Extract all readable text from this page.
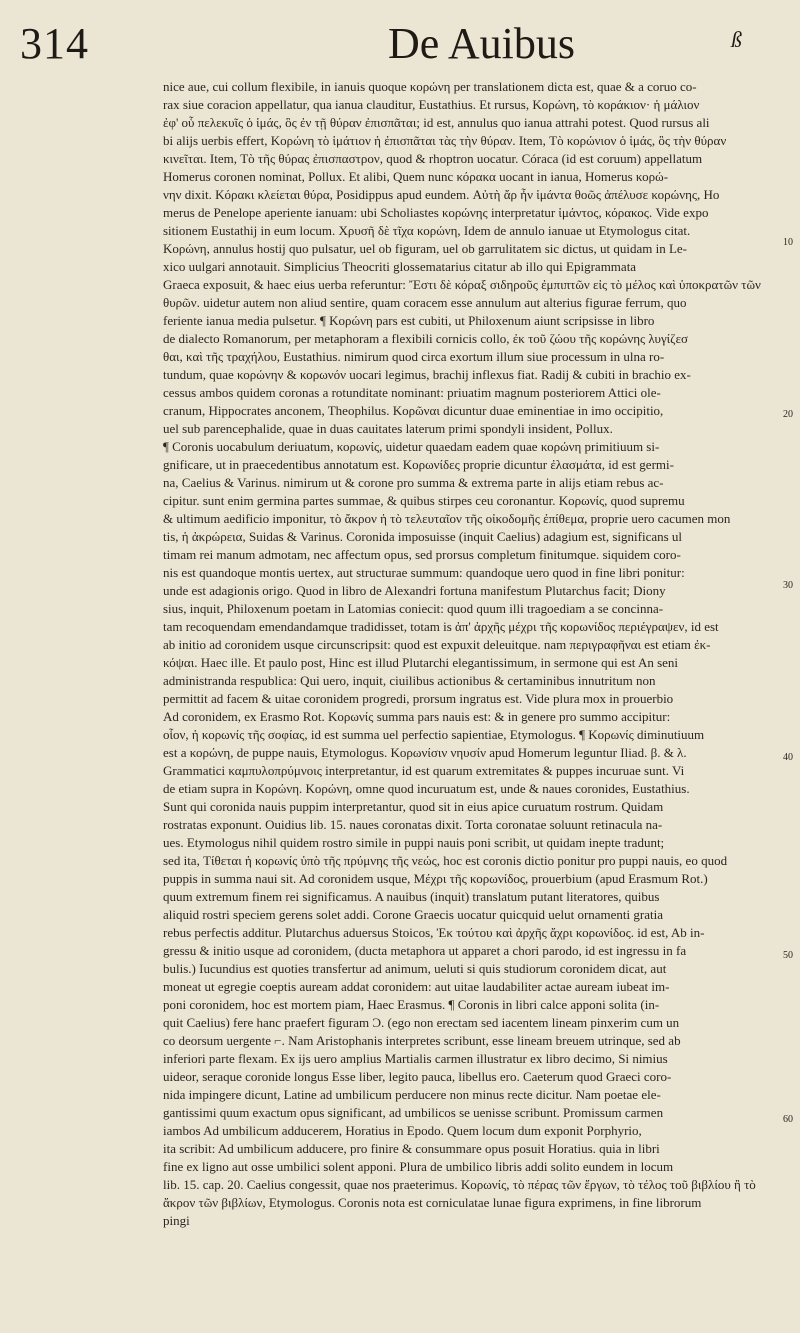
314	De Auibus	ß
10
20
30
40
50
60
nice aue, cui collum flexibile, in ianuis quoque κορώνη per translationem dicta est, quae & a coruo co-
rax siue coracion appellatur, qua ianua clauditur, Eustathius. Et rursus, Κορώνη, τὸ κοράκιον· ἡ μάλιον
ἐφ' οὗ πελεκυῖς ὁ ἱμάς, ὃς ἐν τῇ θύραν ἐπισπᾶται; id est, annulus quo ianua attrahi potest. Quod rursus ali
bi alijs uerbis effert, Κορώνη τὸ ἱμάτιον ἡ ἐπισπᾶται τὰς τὴν θύραν. Item, Τὸ κορώνιον ὁ ἱμάς, ὃς τὴν θύραν
κινεῖται. Item, Τὸ τῆς θύρας ἐπισπαστρον, quod & rhoptron uocatur. Córaca (id est coruum) appellatum
Homerus coronen nominat, Pollux. Et alibi, Quem nunc κόρακα uocant in ianua, Homerus κορώ-
νην dixit. Κόρακι κλείεται θύρα, Posidippus apud eundem. Αὐτὴ ἄρ ἦν ἱμάντα θοῶς ἀπέλυσε κορώνης, Ho
merus de Penelope aperiente ianuam: ubi Scholiastes κορώνης interpretatur ἱμάντος, κόρακος. Vide expo
sitionem Eustathij in eum locum. Χρυσῆ δὲ τῖχα κορώνη, Idem de annulo ianuae ut Etymologus citat.
Κορώνη, annulus hostij quo pulsatur, uel ob figuram, uel ob garrulitatem sic dictus, ut quidam in Le-
xico uulgari annotauit. Simplicius Theocriti glossematarius citatur ab illo qui Epigrammata
Graeca exposuit, & haec eius uerba referuntur: Ἔστι δὲ κόραξ σιδηροῦς ἐμπιπτῶν εἰς τὸ μέλος καὶ ὑποκρατῶν τῶν
θυρῶν. uidetur autem non aliud sentire, quam coracem esse annulum aut alterius figurae ferrum, quo
feriente ianua media pulsetur. ¶ Κορώνη pars est cubiti, ut Philoxenum aiunt scripsisse in libro
de dialecto Romanorum, per metaphoram a flexibili cornicis collo, ἐκ τοῦ ζώου τῆς κορώνης λυγίζεσ
θαι, καὶ τῆς τραχήλου, Eustathius. nimirum quod circa exortum illum siue processum in ulna ro-
tundum, quae κορώνην & κορωνόν uocari legimus, brachij inflexus fiat. Radij & cubiti in brachio ex-
cessus ambos quidem coronas a rotunditate nominant: priuatim magnum posteriorem Attici ole-
cranum, Hippocrates anconem, Theophilus. Κορῶναι dicuntur duae eminentiae in imo occipitio,
uel sub parencephalide, quae in duas cauitates laterum primi spondyli insident, Pollux.
¶ Coronis uocabulum deriuatum, κορωνίς, uidetur quaedam eadem quae κορώνη primitiuum si-
gnificare, ut in praecedentibus annotatum est. Κορωνίδες proprie dicuntur ἐλασμάτα, id est germi-
na, Caelius & Varinus. nimirum ut & corone pro summa & extrema parte in alijs etiam rebus ac-
cipitur. sunt enim germina partes summae, & quibus stirpes ceu coronantur. Κορωνίς, quod supremu
& ultimum aedificio imponitur, τὸ ἄκρον ἡ τὸ τελευταῖον τῆς οἰκοδομῆς ἐπίθεμα, proprie uero cacumen mon
tis, ἡ ἀκρώρεια, Suidas & Varinus. Coronida imposuisse (inquit Caelius) adagium est, significans ul
timam rei manum admotam, nec affectum opus, sed prorsus completum finitumque. siquidem coro-
nis est quandoque montis uertex, aut structurae summum: quandoque uero quod in fine libri ponitur:
unde est adagionis origo. Quod in libro de Alexandri fortuna manifestum Plutarchus facit; Diony
sius, inquit, Philoxenum poetam in Latomias coniecit: quod quum illi tragoediam a se concinna-
tam recoquendam emendandamque tradidisset, totam is ἀπ' ἀρχῆς μέχρι τῆς κορωνίδος περιέγραψεν, id est
ab initio ad coronidem usque circunscripsit: quod est expuxit deleuitque. nam περιγραφῆναι est etiam ἐκ-
κόψαι. Haec ille. Et paulo post, Hinc est illud Plutarchi elegantissimum, in sermone qui est An seni
administranda respublica: Qui uero, inquit, ciuilibus actionibus & certaminibus innutritum non
permittit ad facem & uitae coronidem progredi, prorsum ingratus est. Vide plura mox in prouerbio
Ad coronidem, ex Erasmo Rot. Κορωνίς summa pars nauis est: & in genere pro summo accipitur:
οἷον, ἡ κορωνίς τῆς σοφίας, id est summa uel perfectio sapientiae, Etymologus. ¶ Κορωνίς diminutiuum
est a κορώνη, de puppe nauis, Etymologus. Κορωνίσιν νηυσίν apud Homerum leguntur Iliad. β. & λ.
Grammatici καμπυλοπρύμνοις interpretantur, id est quarum extremitates & puppes incuruae sunt. Vi
de etiam supra in Κορώνη. Κορώνη, omne quod incuruatum est, unde & naues coronides, Eustathius.
Sunt qui coronida nauis puppim interpretantur, quod sit in eius apice curuatum rostrum. Quidam
rostratas exponunt. Ouidius lib. 15. naues coronatas dixit. Torta coronatae soluunt retinacula na-
ues. Etymologus nihil quidem rostro simile in puppi nauis poni scribit, ut quidam inepte tradunt;
sed ita, Τίθεται ἡ κορωνίς ὑπὸ τῆς πρύμνης τῆς νεώς, hoc est coronis dictio ponitur pro puppi nauis, eo quod
puppis in summa naui sit. Ad coronidem usque, Μέχρι τῆς κορωνίδος, prouerbium (apud Erasmum Rot.)
quum extremum finem rei significamus. A nauibus (inquit) translatum putant literatores, quibus
aliquid rostri speciem gerens solet addi. Corone Graecis uocatur quicquid uelut ornamenti gratia
rebus perfectis additur. Plutarchus aduersus Stoicos, Ἐκ τούτου καὶ ἀρχῆς ἄχρι κορωνίδος. id est, Ab in-
gressu & initio usque ad coronidem, (ducta metaphora ut apparet a chori parodo, id est ingressu in fa
bulis.) Iucundius est quoties transfertur ad animum, ueluti si quis studiorum coronidem dicat, aut
moneat ut egregie coeptis auream addat coronidem: aut uitae laudabiliter actae auream iubeat im-
poni coronidem, hoc est mortem piam, Haec Erasmus. ¶ Coronis in libri calce apponi solita (in-
quit Caelius) fere hanc praefert figuram Ͻ. (ego non erectam sed iacentem lineam pinxerim cum un
co deorsum uergente ⌐. Nam Aristophanis interpretes scribunt, esse lineam breuem utrinque, sed ab
inferiori parte flexam. Ex ijs uero amplius Martialis carmen illustratur ex libro decimo, Si nimius
uideor, seraque coronide longus Esse liber, legito pauca, libellus ero. Caeterum quod Graeci coro-
nida impingere dicunt, Latine ad umbilicum perducere non minus recte dicitur. Nam poetae ele-
gantissimi quum exactum opus significant, ad umbilicos se uenisse scribunt. Promissum carmen
iambos Ad umbilicum adducerem, Horatius in Epodo. Quem locum dum exponit Porphyrio,
ita scribit: Ad umbilicum adducere, pro finire & consummare opus posuit Horatius. quia in libri
fine ex ligno aut osse umbilici solent apponi. Plura de umbilico libris addi solito eundem in locum
lib. 15. cap. 20. Caelius congessit, quae nos praeterimus. Κορωνίς, τὸ πέρας τῶν ἔργων, τὸ τέλος τοῦ βιβλίου ἢ τὸ
ἄκρον τῶν βιβλίων, Etymologus. Coronis nota est corniculatae lunae figura exprimens, in fine librorum
pingi
